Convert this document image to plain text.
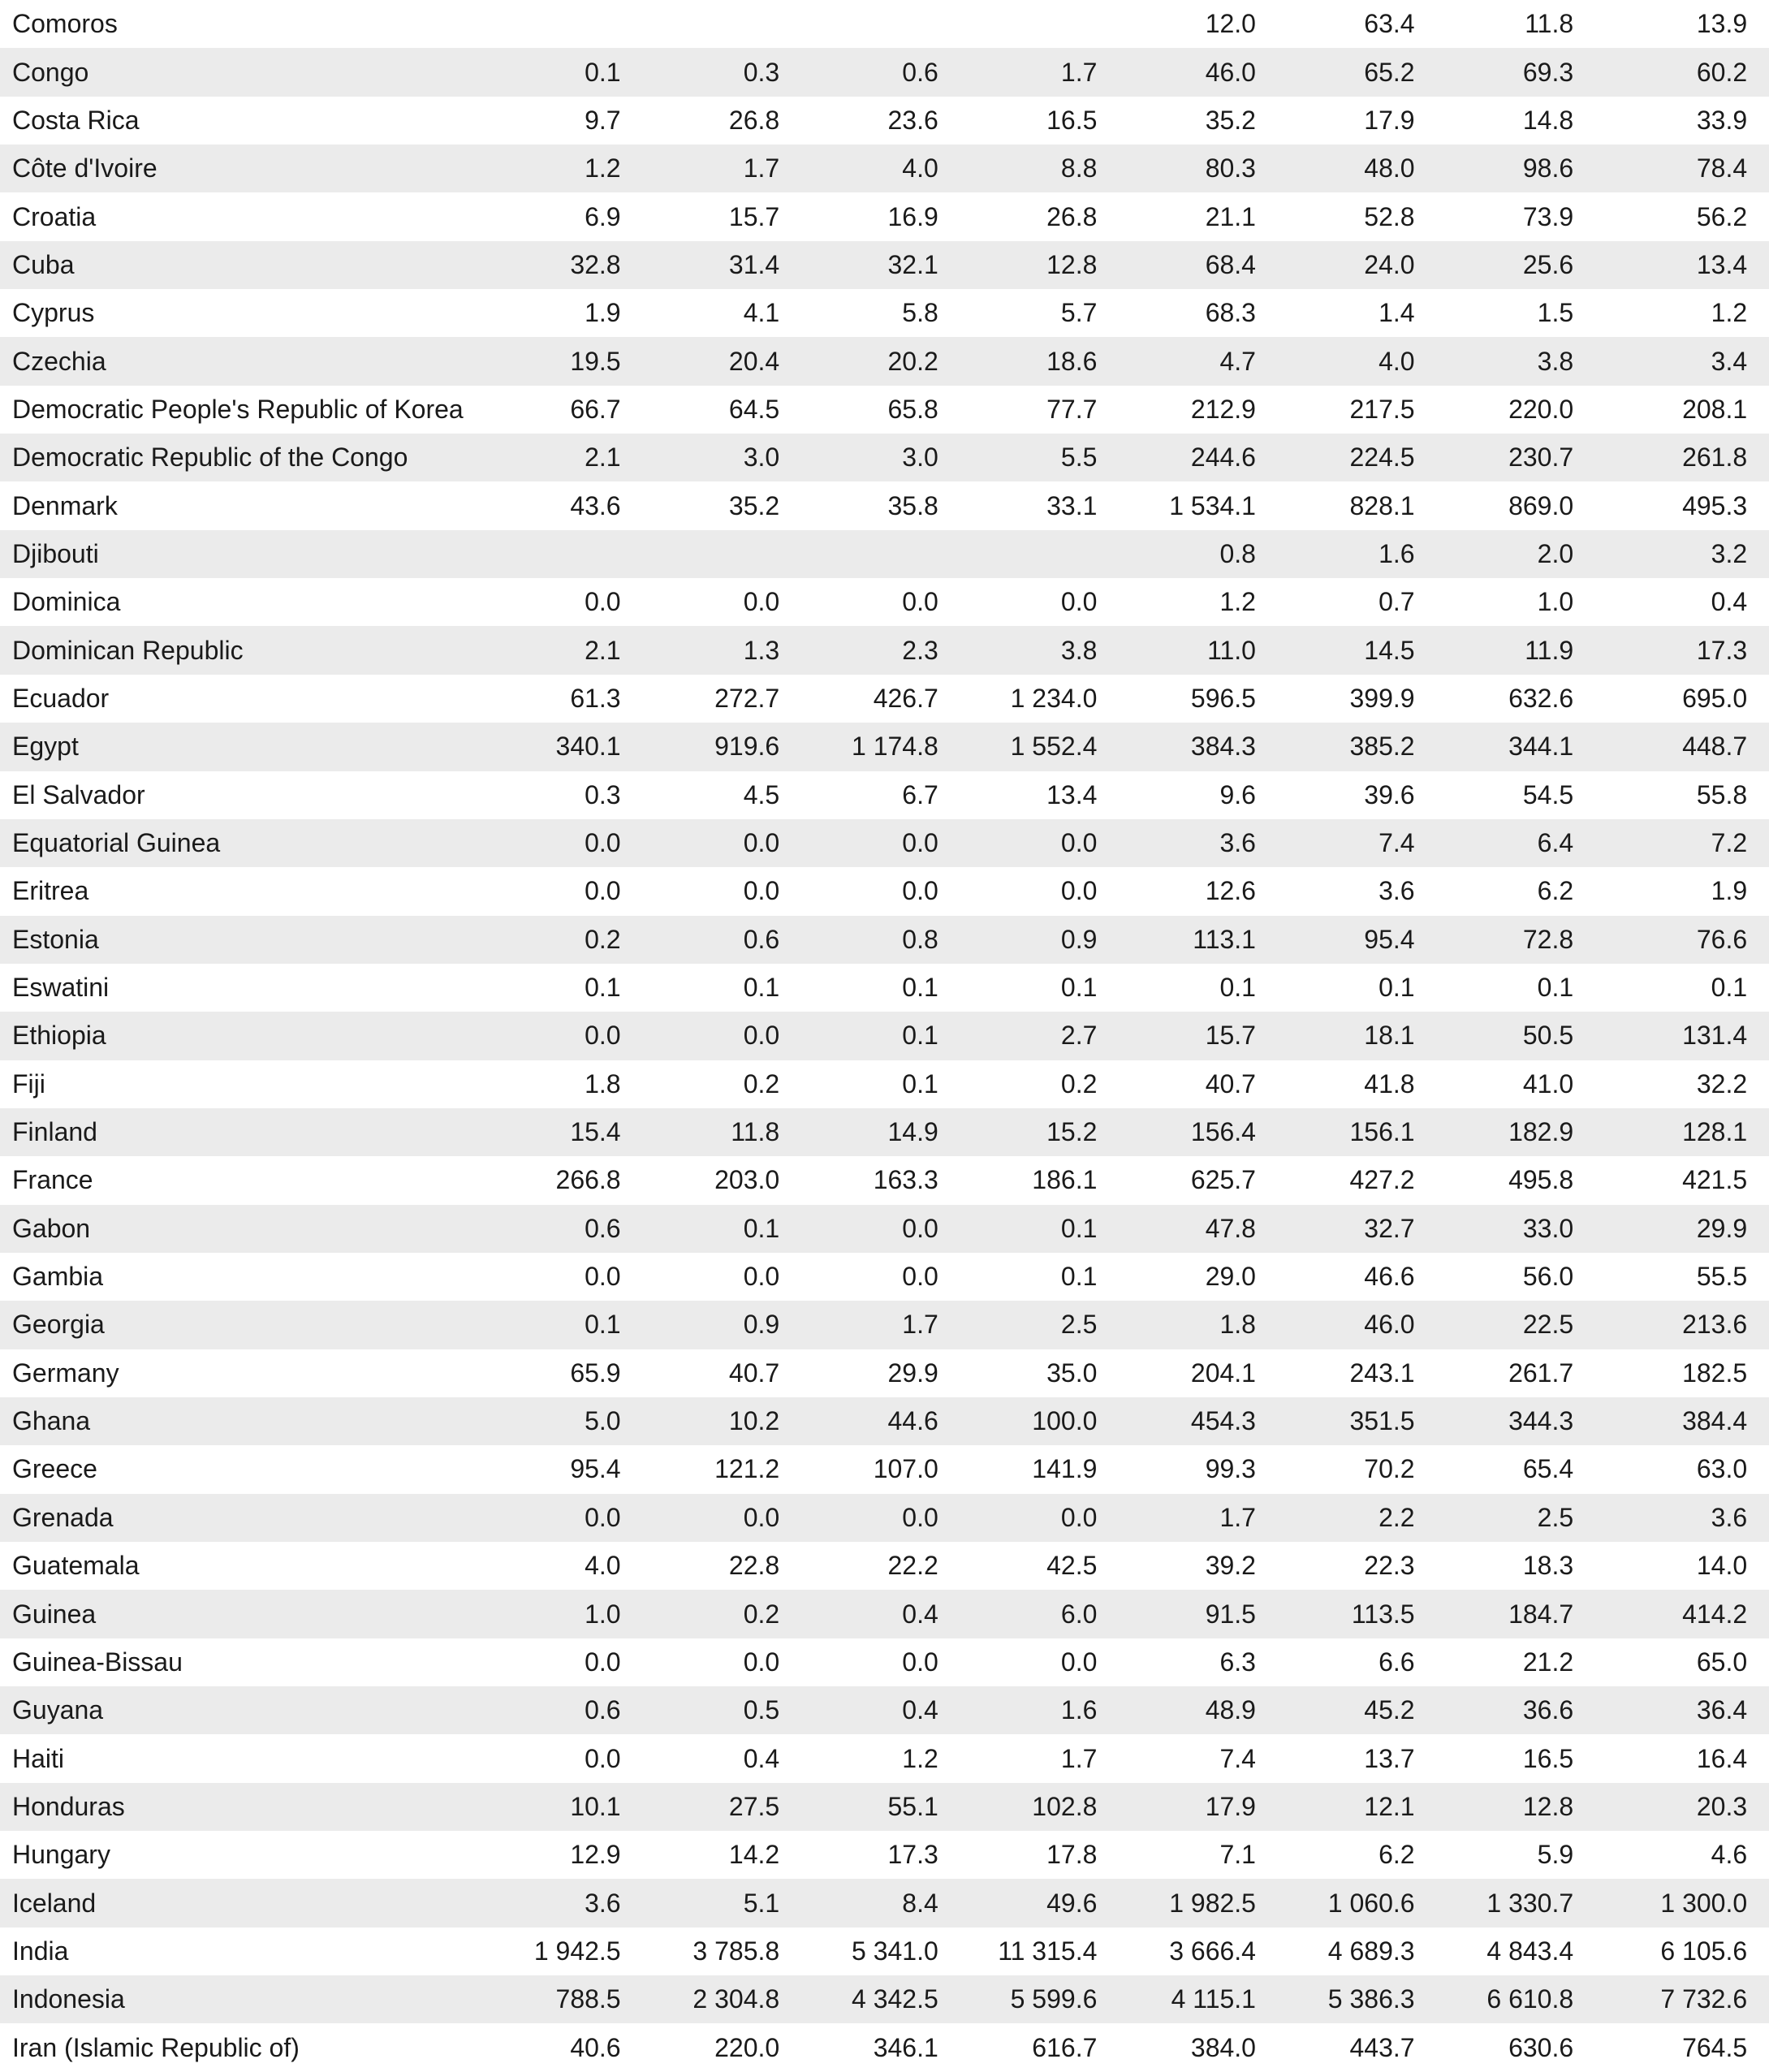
Comoros					12.0	63.4	11.8	13.9
Congo	0.1	0.3	0.6	1.7	46.0	65.2	69.3	60.2
Costa Rica	9.7	26.8	23.6	16.5	35.2	17.9	14.8	33.9
Côte d'Ivoire	1.2	1.7	4.0	8.8	80.3	48.0	98.6	78.4
Croatia	6.9	15.7	16.9	26.8	21.1	52.8	73.9	56.2
Cuba	32.8	31.4	32.1	12.8	68.4	24.0	25.6	13.4
Cyprus	1.9	4.1	5.8	5.7	68.3	1.4	1.5	1.2
Czechia	19.5	20.4	20.2	18.6	4.7	4.0	3.8	3.4
Democratic People's Republic of Korea	66.7	64.5	65.8	77.7	212.9	217.5	220.0	208.1
Democratic Republic of the Congo	2.1	3.0	3.0	5.5	244.6	224.5	230.7	261.8
Denmark	43.6	35.2	35.8	33.1	1 534.1	828.1	869.0	495.3
Djibouti					0.8	1.6	2.0	3.2
Dominica	0.0	0.0	0.0	0.0	1.2	0.7	1.0	0.4
Dominican Republic	2.1	1.3	2.3	3.8	11.0	14.5	11.9	17.3
Ecuador	61.3	272.7	426.7	1 234.0	596.5	399.9	632.6	695.0
Egypt	340.1	919.6	1 174.8	1 552.4	384.3	385.2	344.1	448.7
El Salvador	0.3	4.5	6.7	13.4	9.6	39.6	54.5	55.8
Equatorial Guinea	0.0	0.0	0.0	0.0	3.6	7.4	6.4	7.2
Eritrea	0.0	0.0	0.0	0.0	12.6	3.6	6.2	1.9
Estonia	0.2	0.6	0.8	0.9	113.1	95.4	72.8	76.6
Eswatini	0.1	0.1	0.1	0.1	0.1	0.1	0.1	0.1
Ethiopia	0.0	0.0	0.1	2.7	15.7	18.1	50.5	131.4
Fiji	1.8	0.2	0.1	0.2	40.7	41.8	41.0	32.2
Finland	15.4	11.8	14.9	15.2	156.4	156.1	182.9	128.1
France	266.8	203.0	163.3	186.1	625.7	427.2	495.8	421.5
Gabon	0.6	0.1	0.0	0.1	47.8	32.7	33.0	29.9
Gambia	0.0	0.0	0.0	0.1	29.0	46.6	56.0	55.5
Georgia	0.1	0.9	1.7	2.5	1.8	46.0	22.5	213.6
Germany	65.9	40.7	29.9	35.0	204.1	243.1	261.7	182.5
Ghana	5.0	10.2	44.6	100.0	454.3	351.5	344.3	384.4
Greece	95.4	121.2	107.0	141.9	99.3	70.2	65.4	63.0
Grenada	0.0	0.0	0.0	0.0	1.7	2.2	2.5	3.6
Guatemala	4.0	22.8	22.2	42.5	39.2	22.3	18.3	14.0
Guinea	1.0	0.2	0.4	6.0	91.5	113.5	184.7	414.2
Guinea-Bissau	0.0	0.0	0.0	0.0	6.3	6.6	21.2	65.0
Guyana	0.6	0.5	0.4	1.6	48.9	45.2	36.6	36.4
Haiti	0.0	0.4	1.2	1.7	7.4	13.7	16.5	16.4
Honduras	10.1	27.5	55.1	102.8	17.9	12.1	12.8	20.3
Hungary	12.9	14.2	17.3	17.8	7.1	6.2	5.9	4.6
Iceland	3.6	5.1	8.4	49.6	1 982.5	1 060.6	1 330.7	1 300.0
India	1 942.5	3 785.8	5 341.0	11 315.4	3 666.4	4 689.3	4 843.4	6 105.6
Indonesia	788.5	2 304.8	4 342.5	5 599.6	4 115.1	5 386.3	6 610.8	7 732.6
Iran (Islamic Republic of)	40.6	220.0	346.1	616.7	384.0	443.7	630.6	764.5
